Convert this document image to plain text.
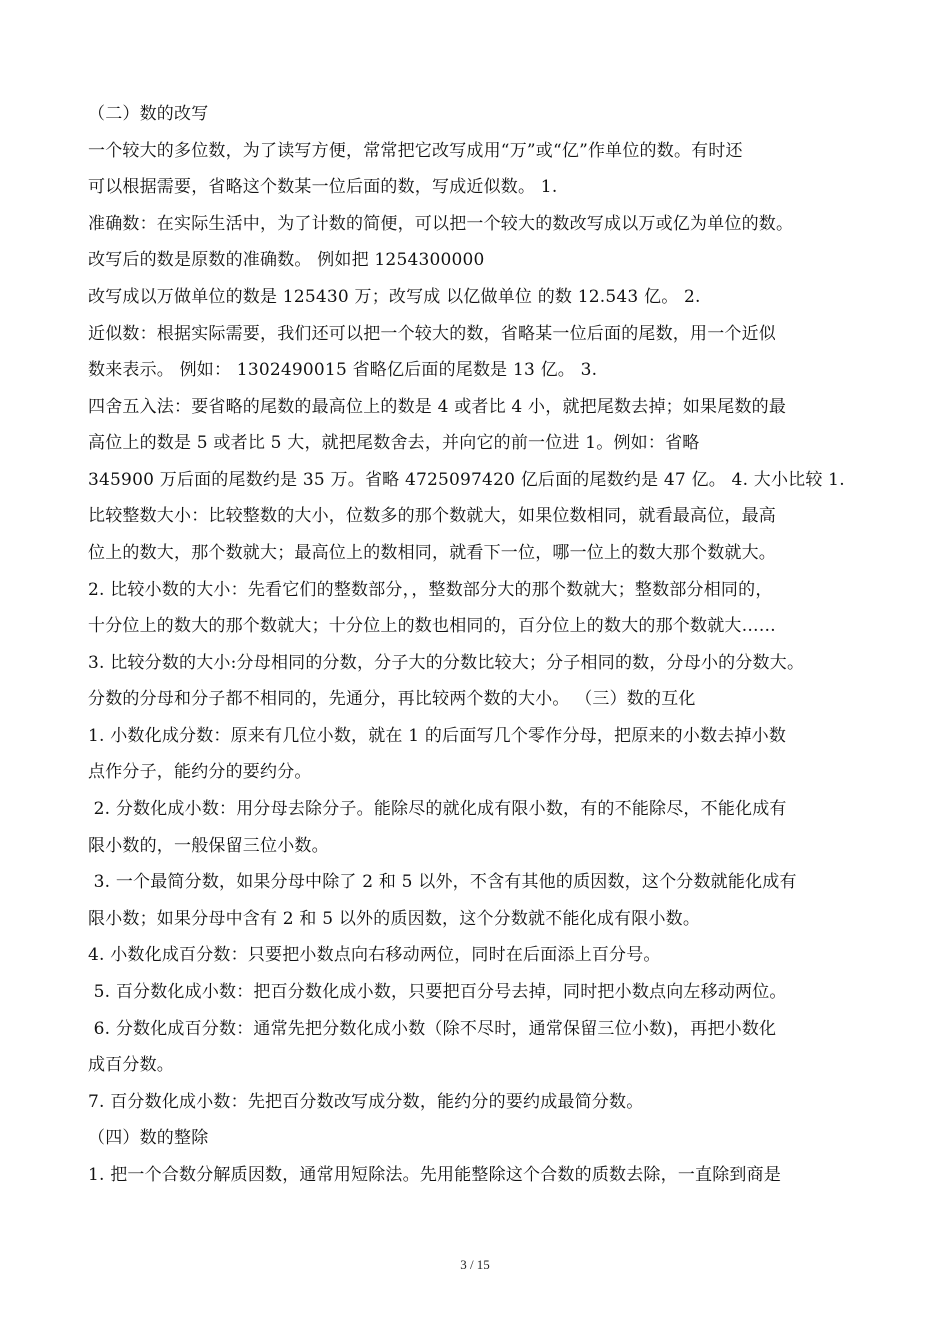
（二）数的改写
一个较大的多位数，为了读写方便，常常把它改写成用“万”或“亿”作单位的数。有时还
可以根据需要，省略这个数某一位后面的数，写成近似数。 1.
准确数：在实际生活中，为了计数的简便，可以把一个较大的数改写成以万或亿为单位的数。
改写后的数是原数的准确数。 例如把 1254300000
改写成以万做单位的数是 125430 万；改写成 以亿做单位 的数 12.543 亿。 2.
近似数：根据实际需要，我们还可以把一个较大的数，省略某一位后面的尾数，用一个近似
数来表示。 例如： 1302490015 省略亿后面的尾数是 13 亿。 3.
四舍五入法：要省略的尾数的最高位上的数是 4 或者比 4 小，就把尾数去掉；如果尾数的最
高位上的数是 5 或者比 5 大，就把尾数舍去，并向它的前一位进 1。例如：省略
345900 万后面的尾数约是 35 万。省略 4725097420 亿后面的尾数约是 47 亿。 4. 大小比较 1.
比较整数大小：比较整数的大小，位数多的那个数就大，如果位数相同，就看最高位，最高
位上的数大，那个数就大；最高位上的数相同，就看下一位，哪一位上的数大那个数就大。
2. 比较小数的大小：先看它们的整数部分，，整数部分大的那个数就大；整数部分相同的，
十分位上的数大的那个数就大；十分位上的数也相同的，百分位上的数大的那个数就大……
3. 比较分数的大小:分母相同的分数，分子大的分数比较大；分子相同的数，分母小的分数大。
分数的分母和分子都不相同的，先通分，再比较两个数的大小。 （三）数的互化
1. 小数化成分数：原来有几位小数，就在 1 的后面写几个零作分母，把原来的小数去掉小数
点作分子，能约分的要约分。
2. 分数化成小数：用分母去除分子。能除尽的就化成有限小数，有的不能除尽，不能化成有
限小数的，一般保留三位小数。
3. 一个最简分数，如果分母中除了 2 和 5 以外，不含有其他的质因数，这个分数就能化成有
限小数；如果分母中含有 2 和 5 以外的质因数，这个分数就不能化成有限小数。
4. 小数化成百分数：只要把小数点向右移动两位，同时在后面添上百分号。
5. 百分数化成小数：把百分数化成小数，只要把百分号去掉，同时把小数点向左移动两位。
6. 分数化成百分数：通常先把分数化成小数（除不尽时，通常保留三位小数)，再把小数化
成百分数。
7. 百分数化成小数：先把百分数改写成分数，能约分的要约成最简分数。
（四）数的整除
1. 把一个合数分解质因数，通常用短除法。先用能整除这个合数的质数去除，一直除到商是
3 / 15
